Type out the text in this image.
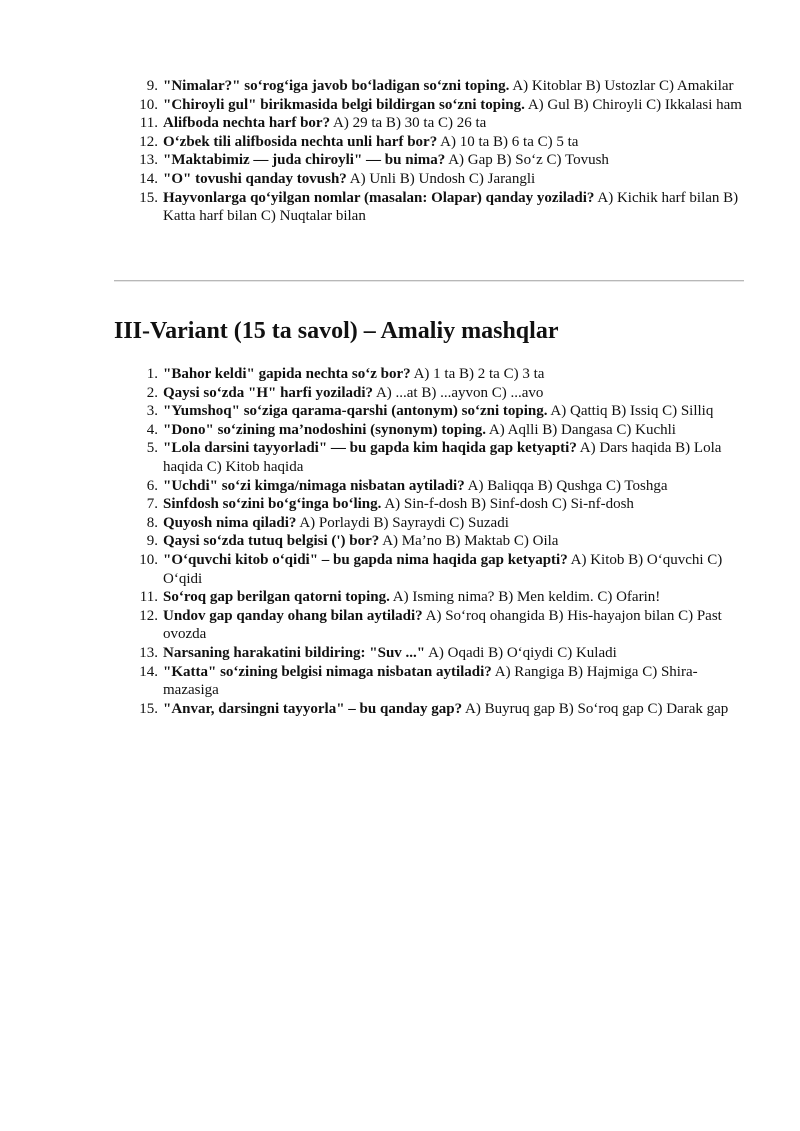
9. "Nimalar?" so‘rog‘iga javob bo‘ladigan so‘zni toping. A) Kitoblar B) Ustozlar C) Amakilar
10. "Chiroyli gul" birikmasida belgi bildirgan so‘zni toping. A) Gul B) Chiroyli C) Ikkalasi ham
11. Alifboda nechta harf bor? A) 29 ta B) 30 ta C) 26 ta
12. O‘zbek tili alifbosida nechta unli harf bor? A) 10 ta B) 6 ta C) 5 ta
13. "Maktabimiz — juda chiroyli" — bu nima? A) Gap B) So‘z C) Tovush
14. "O" tovushi qanday tovush? A) Unli B) Undosh C) Jarangli
15. Hayvonlarga qo‘yilgan nomlar (masalan: Olapar) qanday yoziladi? A) Kichik harf bilan B) Katta harf bilan C) Nuqtalar bilan
III-Variant (15 ta savol) – Amaliy mashqlar
1. "Bahor keldi" gapida nechta so‘z bor? A) 1 ta B) 2 ta C) 3 ta
2. Qaysi so‘zda "H" harfi yoziladi? A) ...at B) ...ayvon C) ...avo
3. "Yumshoq" so‘ziga qarama-qarshi (antonym) so‘zni toping. A) Qattiq B) Issiq C) Silliq
4. "Dono" so‘zining ma’nodoshini (synonym) toping. A) Aqlli B) Dangasa C) Kuchli
5. "Lola darsini tayyorladi" — bu gapda kim haqida gap ketyapti? A) Dars haqida B) Lola haqida C) Kitob haqida
6. "Uchdi" so‘zi kimga/nimaga nisbatan aytiladi? A) Baliqqa B) Qushga C) Toshga
7. Sinfdosh so‘zini bo‘g‘inga bo‘ling. A) Sin-f-dosh B) Sinf-dosh C) Si-nf-dosh
8. Quyosh nima qiladi? A) Porlaydi B) Sayraydi C) Suzadi
9. Qaysi so‘zda tutuq belgisi (') bor? A) Ma’no B) Maktab C) Oila
10. "O‘quvchi kitob o‘qidi" – bu gapda nima haqida gap ketyapti? A) Kitob B) O‘quvchi C) O‘qidi
11. So‘roq gap berilgan qatorni toping. A) Isming nima? B) Men keldim. C) Ofarin!
12. Undov gap qanday ohang bilan aytiladi? A) So‘roq ohangida B) His-hayajon bilan C) Past ovozda
13. Narsaning harakatini bildiring: "Suv ..." A) Oqadi B) O‘qiydi C) Kuladi
14. "Katta" so‘zining belgisi nimaga nisbatan aytiladi? A) Rangiga B) Hajmiga C) Shira-mazasiga
15. "Anvar, darsingni tayyorla" – bu qanday gap? A) Buyruq gap B) So‘roq gap C) Darak gap
